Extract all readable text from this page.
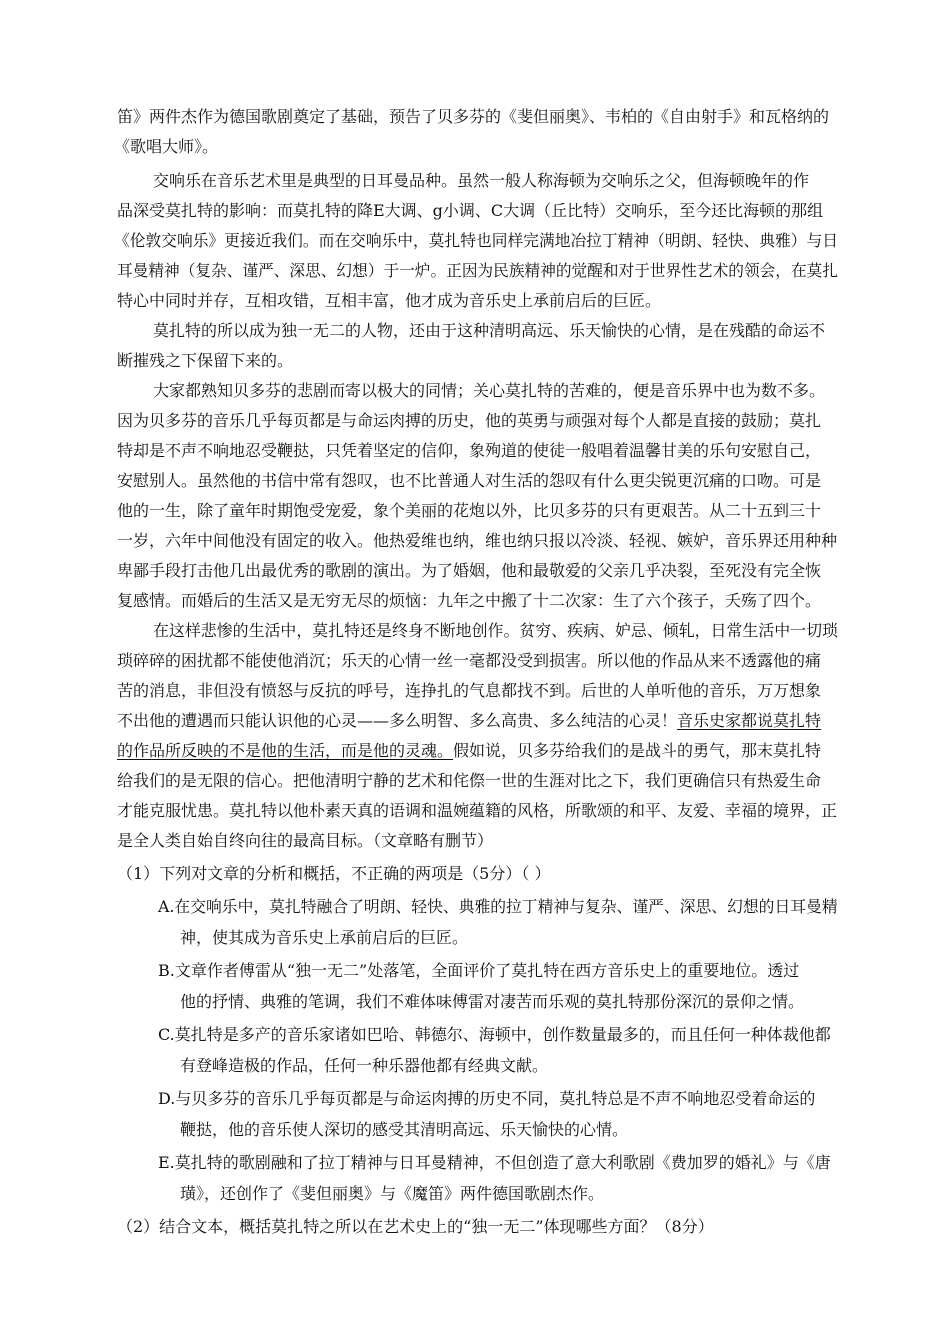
笛》两件杰作为德国歌剧奠定了基础，预告了贝多芬的《斐但丽奥》、韦柏的《自由射手》和瓦格纳的
《歌唱大师》。
交响乐在音乐艺术里是典型的日耳曼品种。虽然一般人称海顿为交响乐之父，但海顿晚年的作
品深受莫扎特的影响：而莫扎特的降E大调、g小调、C大调（丘比特）交响乐，至今还比海顿的那组
《伦敦交响乐》更接近我们。而在交响乐中，莫扎特也同样完满地冶拉丁精神（明朗、轻快、典雅）与日
耳曼精神（复杂、谨严、深思、幻想）于一炉。正因为民族精神的觉醒和对于世界性艺术的领会，在莫扎
特心中同时并存，互相攻错，互相丰富，他才成为音乐史上承前启后的巨匠。
莫扎特的所以成为独一无二的人物，还由于这种清明高远、乐天愉快的心情，是在残酷的命运不
断摧残之下保留下来的。
大家都熟知贝多芬的悲剧而寄以极大的同情；关心莫扎特的苦难的，便是音乐界中也为数不多。
因为贝多芬的音乐几乎每页都是与命运肉搏的历史，他的英勇与顽强对每个人都是直接的鼓励；莫扎
特却是不声不响地忍受鞭挞，只凭着坚定的信仰，象殉道的使徒一般唱着温馨甘美的乐句安慰自己，
安慰别人。虽然他的书信中常有怨叹，也不比普通人对生活的怨叹有什么更尖锐更沉痛的口吻。可是
他的一生，除了童年时期饱受宠爱，象个美丽的花炮以外，比贝多芬的只有更艰苦。从二十五到三十
一岁，六年中间他没有固定的收入。他热爱维也纳，维也纳只报以冷淡、轻视、嫉妒，音乐界还用种种
卑鄙手段打击他几出最优秀的歌剧的演出。为了婚姻，他和最敬爱的父亲几乎决裂，至死没有完全恢
复感情。而婚后的生活又是无穷无尽的烦恼：九年之中搬了十二次家：生了六个孩子，夭殇了四个。
在这样悲惨的生活中，莫扎特还是终身不断地创作。贫穷、疾病、妒忌、倾轧，日常生活中一切琐
琐碎碎的困扰都不能使他消沉；乐天的心情一丝一毫都没受到损害。所以他的作品从来不透露他的痛
苦的消息，非但没有愤怒与反抗的呼号，连挣扎的气息都找不到。后世的人单听他的音乐，万万想象
不出他的遭遇而只能认识他的心灵——多么明智、多么高贵、多么纯洁的心灵！音乐史家都说莫扎特
的作品所反映的不是他的生活，而是他的灵魂。假如说，贝多芬给我们的是战斗的勇气，那末莫扎特
给我们的是无限的信心。把他清明宁静的艺术和侘傺一世的生涯对比之下，我们更确信只有热爱生命
才能克服忧患。莫扎特以他朴素天真的语调和温婉蕴籍的风格，所歌颂的和平、友爱、幸福的境界，正
是全人类自始自终向往的最高目标。（文章略有删节）
（1）下列对文章的分析和概括，不正确的两项是（5分）（ ）
A.在交响乐中，莫扎特融合了明朗、轻快、典雅的拉丁精神与复杂、谨严、深思、幻想的日耳曼精
神，使其成为音乐史上承前启后的巨匠。
B.文章作者傅雷从“独一无二”处落笔，全面评价了莫扎特在西方音乐史上的重要地位。透过
他的抒情、典雅的笔调，我们不难体味傅雷对凄苦而乐观的莫扎特那份深沉的景仰之情。
C.莫扎特是多产的音乐家诸如巴哈、韩德尔、海顿中，创作数量最多的，而且任何一种体裁他都
有登峰造极的作品，任何一种乐器他都有经典文献。
D.与贝多芬的音乐几乎每页都是与命运肉搏的历史不同，莫扎特总是不声不响地忍受着命运的
鞭挞，他的音乐使人深切的感受其清明高远、乐天愉快的心情。
E.莫扎特的歌剧融和了拉丁精神与日耳曼精神，不但创造了意大利歌剧《费加罗的婚礼》与《唐
璜》，还创作了《斐但丽奥》与《魔笛》两件德国歌剧杰作。
（2）结合文本，概括莫扎特之所以在艺术史上的“独一无二”体现哪些方面？（8分）
